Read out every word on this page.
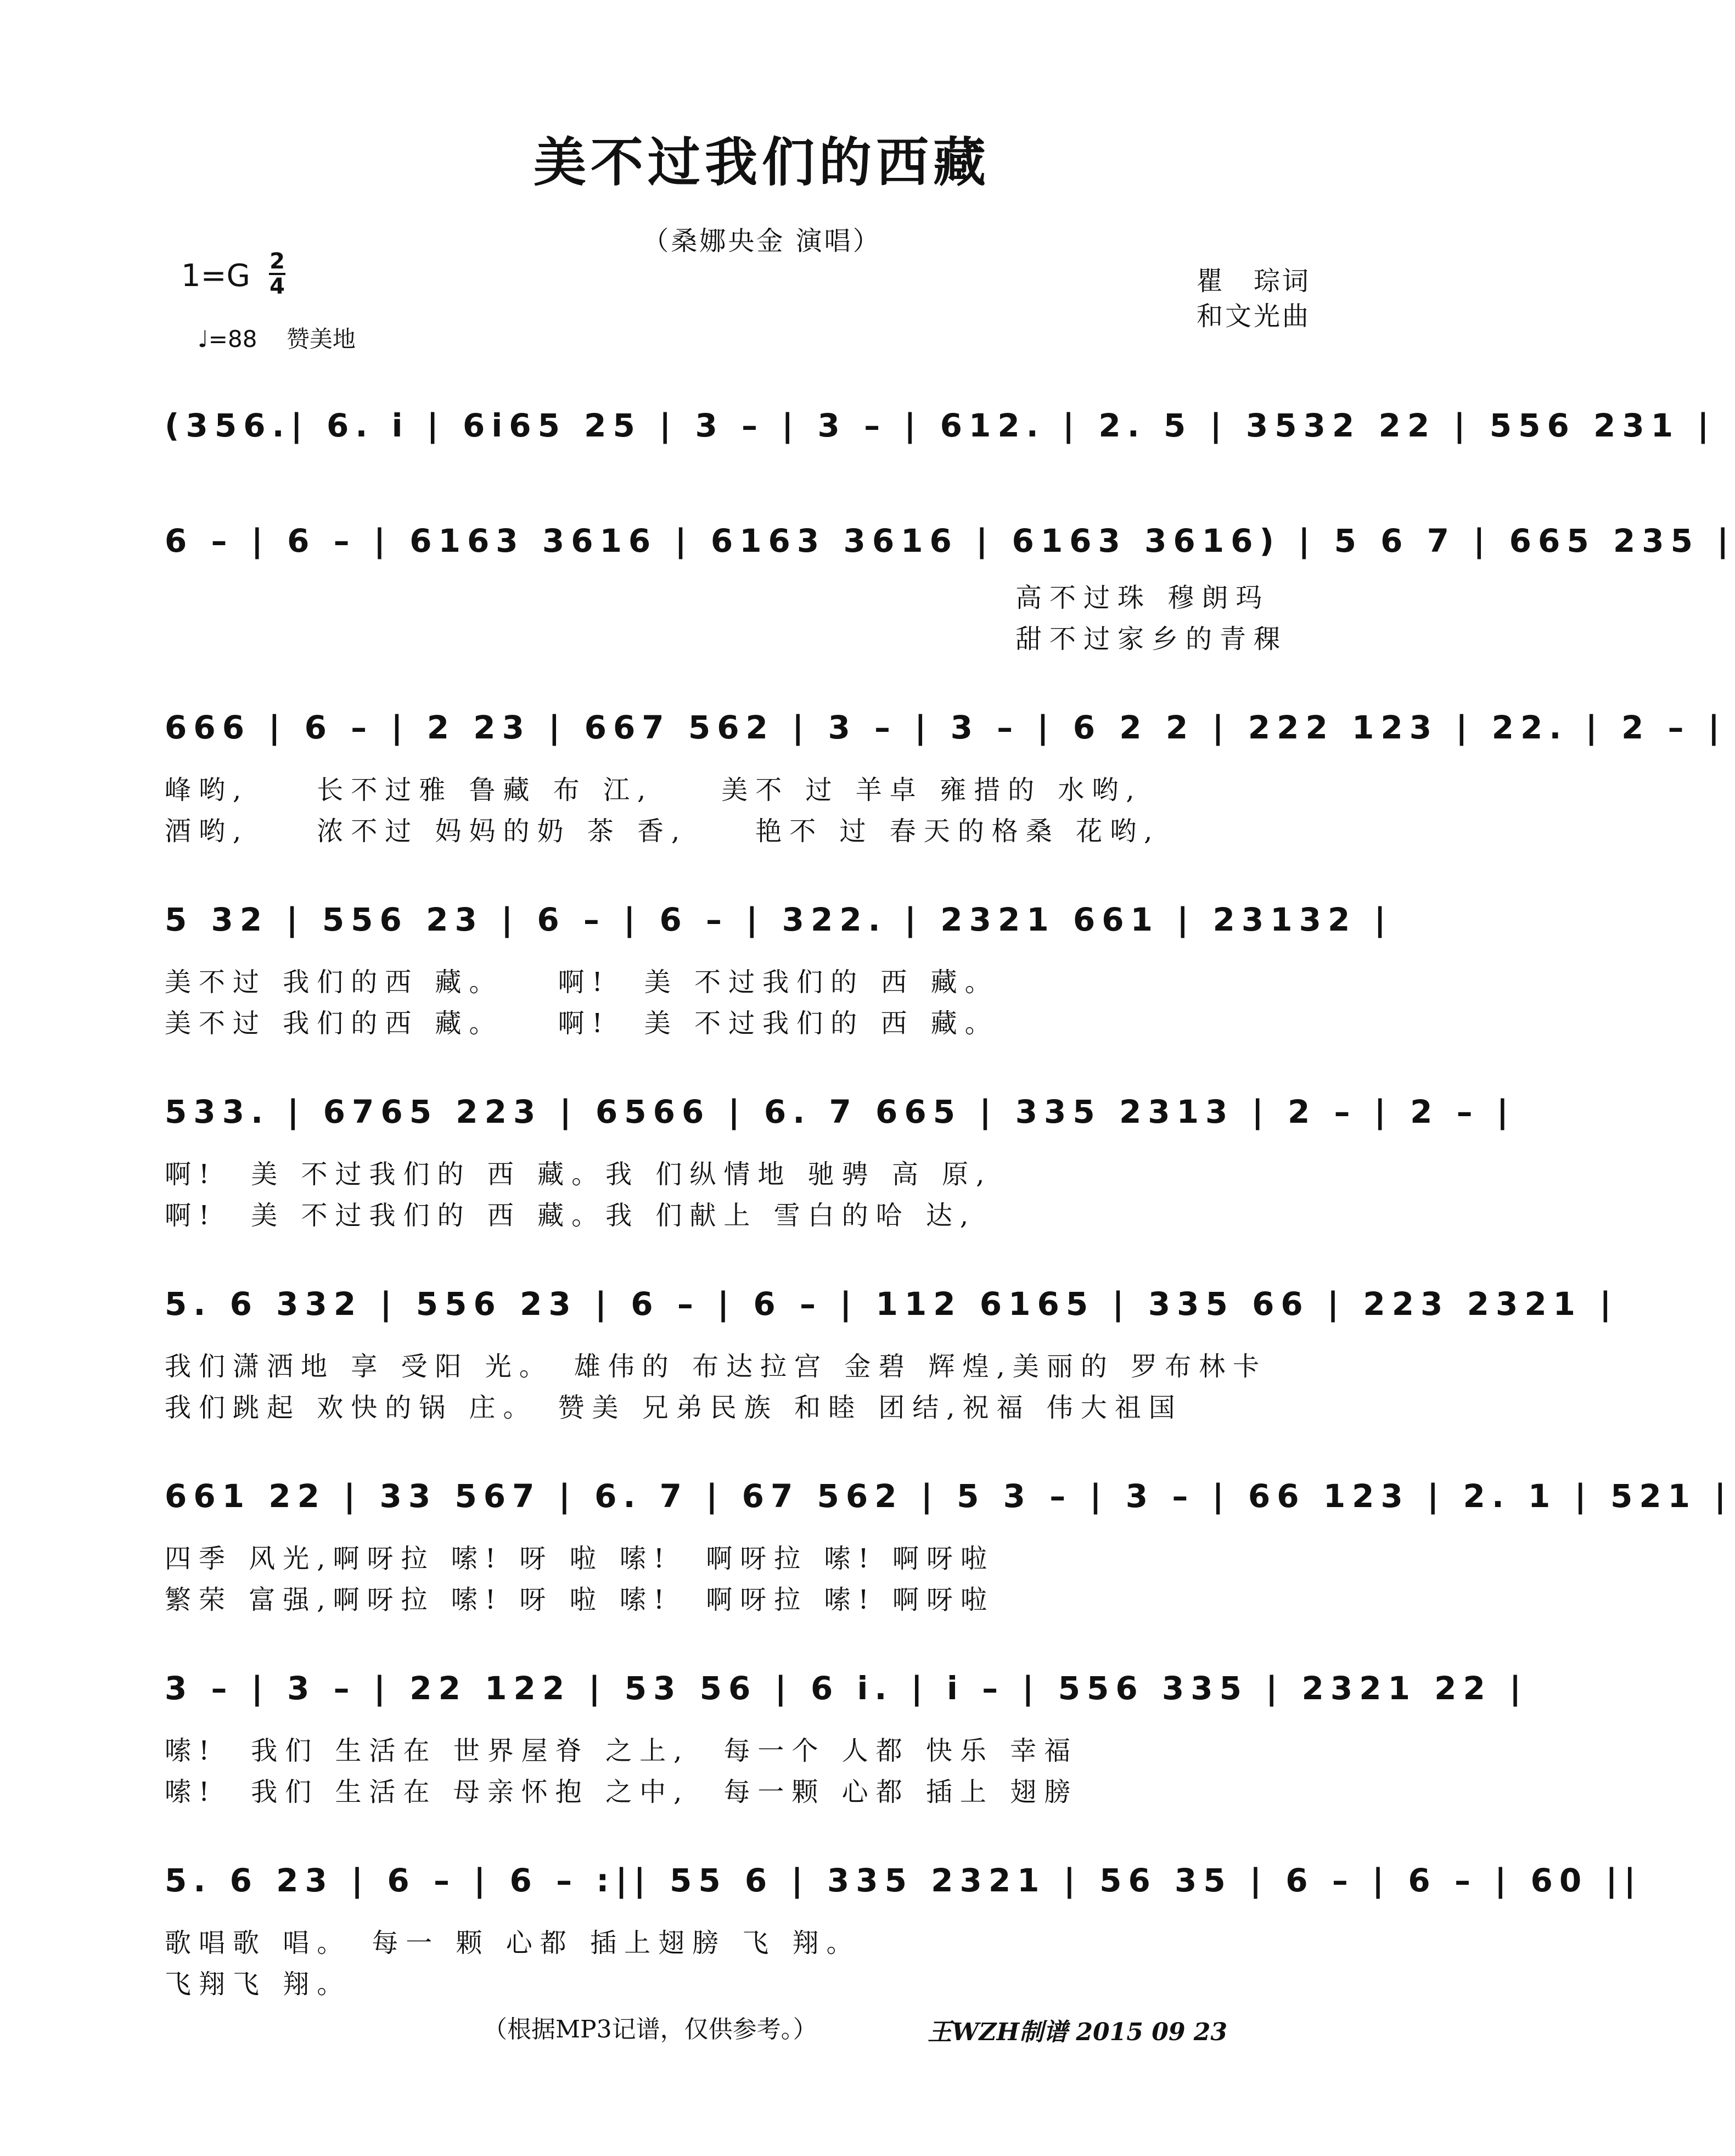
美不过我们的西藏
（桑娜央金 演唱）
1=G 2
4
♩=88 赞美地
瞿　琮词
和文光曲
(356.| 6. i | 6i65 25 | 3 – | 3 – | 612. | 2. 5 | 3532 22 | 556 231 |
6 – | 6 – | 6163 3616 | 6163 3616 | 6163 3616) | 5 6 7 | 665 235 |
高不过珠 穆朗玛
甜不过家乡的青稞
666 | 6 – | 2 23 | 667 562 | 3 – | 3 – | 6 2 2 | 222 123 | 22. | 2 – |
峰哟,　　长不过雅 鲁藏 布 江,　　美不 过 羊卓 雍措的 水哟,
酒哟,　　浓不过 妈妈的奶 茶 香,　　艳不 过 春天的格桑 花哟,
5 32 | 556 23 | 6 – | 6 – | 322. | 2321 661 | 23132 |
美不过 我们的西 藏。　　啊!　美 不过我们的 西 藏。
美不过 我们的西 藏。　　啊!　美 不过我们的 西 藏。
533. | 6765 223 | 6566 | 6. 7 665 | 335 2313 | 2 – | 2 – |
啊!　美 不过我们的 西 藏。我 们纵情地 驰骋 高 原,
啊!　美 不过我们的 西 藏。我 们献上 雪白的哈 达,
5. 6 332 | 556 23 | 6 – | 6 – | 112 6165 | 335 66 | 223 2321 |
我们潇洒地 享 受阳 光。　雄伟的 布达拉宫 金碧 辉煌,美丽的 罗布林卡
我们跳起 欢快的锅 庄。　赞美 兄弟民族 和睦 团结,祝福 伟大祖国
661 22 | 33 567 | 6. 7 | 67 562 | 5 3 – | 3 – | 66 123 | 2. 1 | 521 |
四季 风光,啊呀拉 嗦! 呀 啦 嗦!　啊呀拉 嗦! 啊呀啦
繁荣 富强,啊呀拉 嗦! 呀 啦 嗦!　啊呀拉 嗦! 啊呀啦
3 – | 3 – | 22 122 | 53 56 | 6 i. | i – | 556 335 | 2321 22 |
嗦!　我们 生活在 世界屋脊 之上,　每一个 人都 快乐 幸福
嗦!　我们 生活在 母亲怀抱 之中,　每一颗 心都 插上 翅膀
5. 6 23 | 6 – | 6 – :|| 55 6 | 335 2321 | 56 35 | 6 – | 6 – | 60 ||
歌唱歌 唱。　每一 颗 心都 插上翅膀 飞 翔。
飞翔飞 翔。
（根据MP3记谱，仅供参考。）	王WZH制谱 2015 09 23
